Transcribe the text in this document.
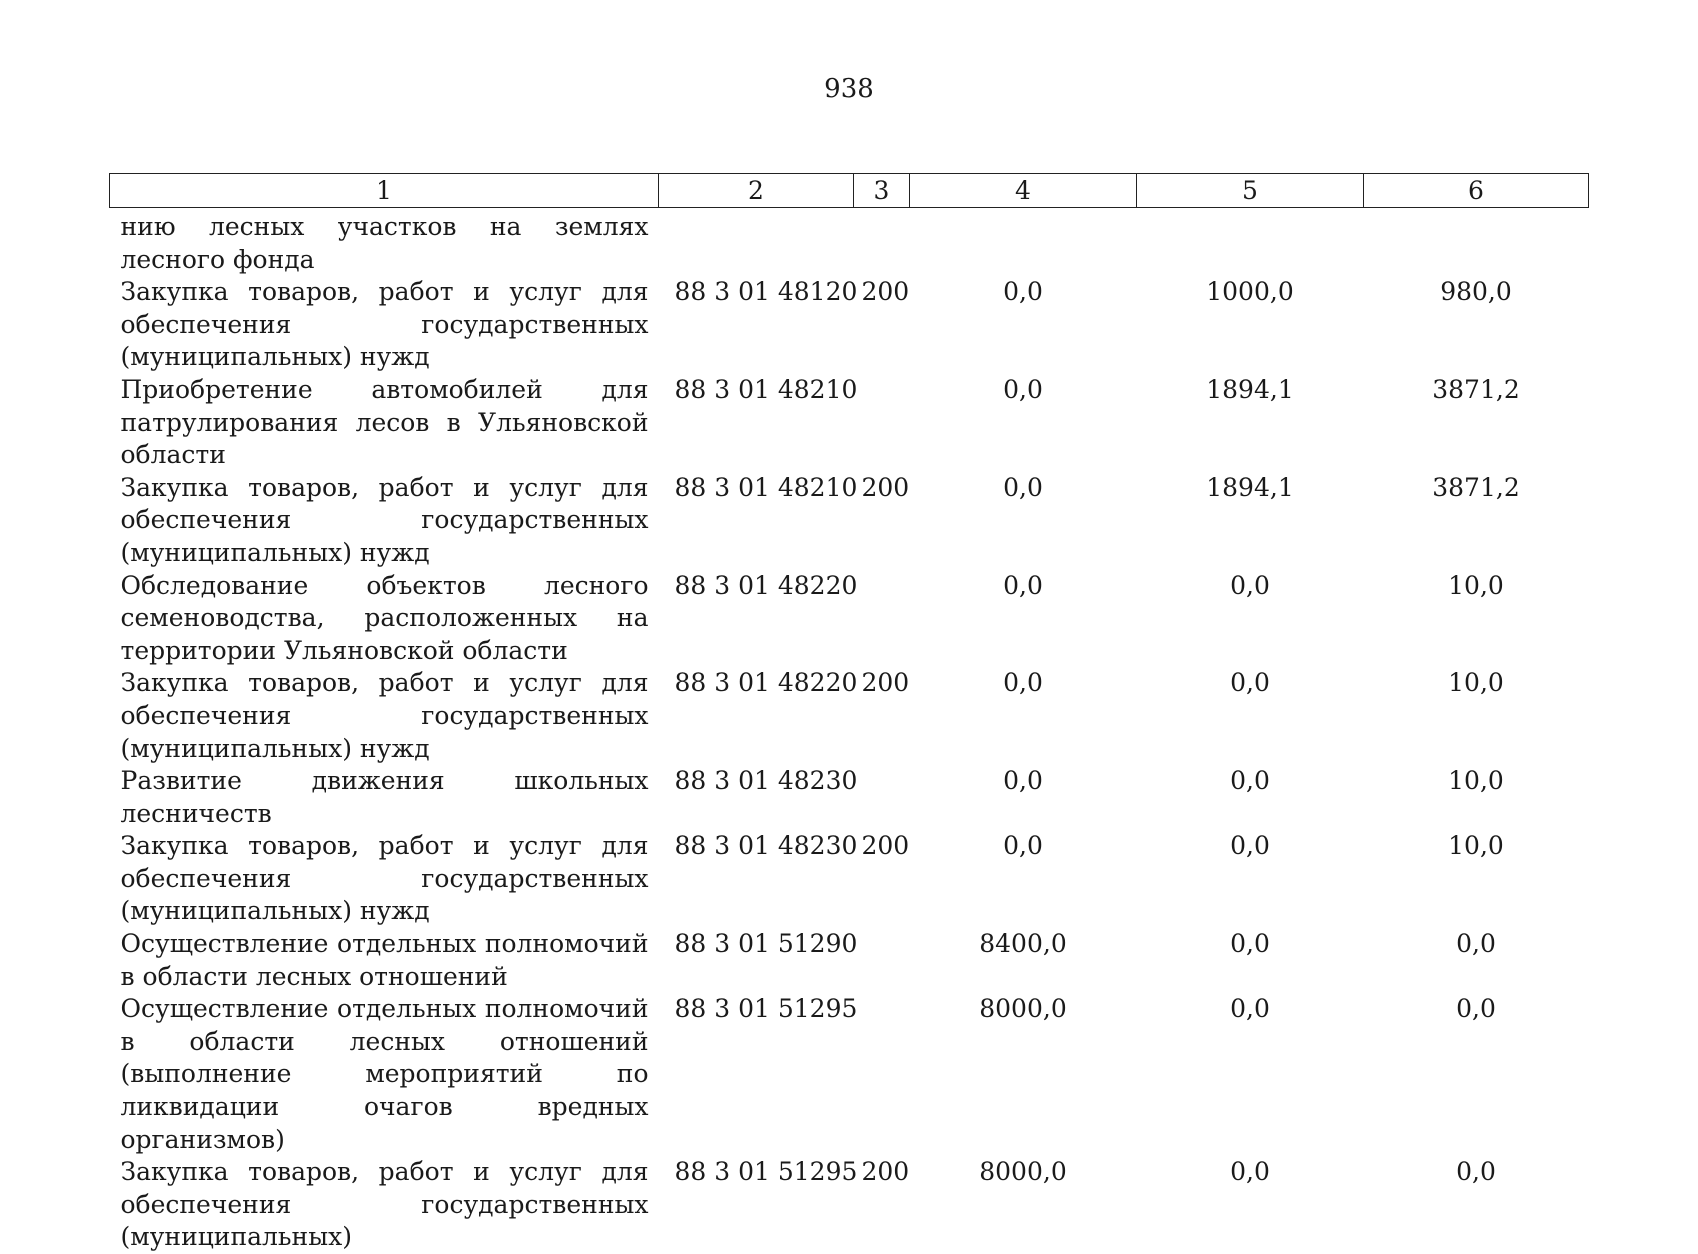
938
1	2	3	4	5	6
нию лесных участков на землях лесного фонда					
Закупка товаров, работ и услуг для обеспечения государственных (муниципальных) нужд	88 3 01 48120	200	0,0	1000,0	980,0
Приобретение автомобилей для патрулирования лесов в Ульяновской области	88 3 01 48210		0,0	1894,1	3871,2
Закупка товаров, работ и услуг для обеспечения государственных (муниципальных) нужд	88 3 01 48210	200	0,0	1894,1	3871,2
Обследование объектов лесного семеноводства, расположенных на территории Ульяновской области	88 3 01 48220		0,0	0,0	10,0
Закупка товаров, работ и услуг для обеспечения государственных (муниципальных) нужд	88 3 01 48220	200	0,0	0,0	10,0
Развитие движения школьных лесничеств	88 3 01 48230		0,0	0,0	10,0
Закупка товаров, работ и услуг для обеспечения государственных (муниципальных) нужд	88 3 01 48230	200	0,0	0,0	10,0
Осуществление отдельных полномочий в области лесных отношений	88 3 01 51290		8400,0	0,0	0,0
Осуществление отдельных полномочий в области лесных отношений (выполнение мероприятий по ликвидации очагов вредных организмов)	88 3 01 51295		8000,0	0,0	0,0
Закупка товаров, работ и услуг для обеспечения государственных (муниципальных)	88 3 01 51295	200	8000,0	0,0	0,0
